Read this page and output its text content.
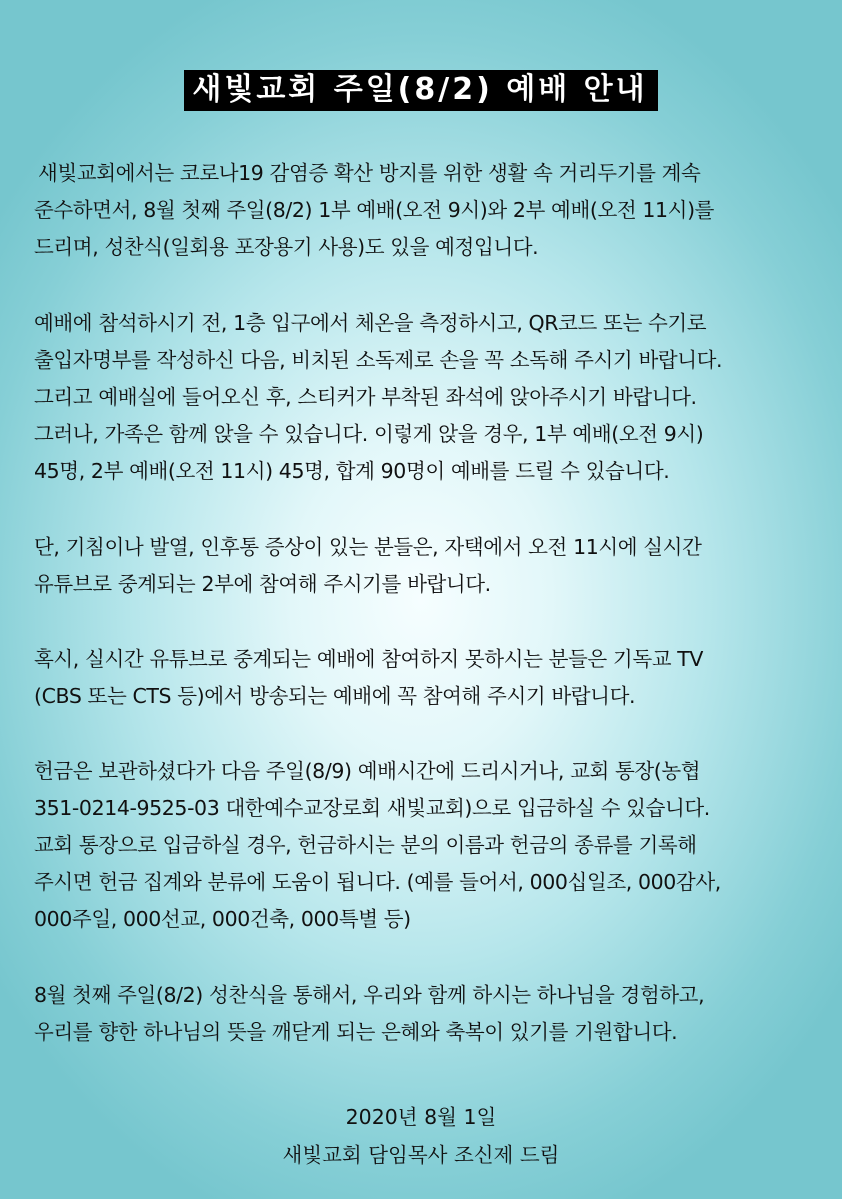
새빛교회 주일(8/2) 예배 안내
새빛교회에서는 코로나19 감염증 확산 방지를 위한 생활 속 거리두기를 계속
준수하면서, 8월 첫째 주일(8/2) 1부 예배(오전 9시)와 2부 예배(오전 11시)를
드리며, 성찬식(일회용 포장용기 사용)도 있을 예정입니다.
예배에 참석하시기 전, 1층 입구에서 체온을 측정하시고, QR코드 또는 수기로
출입자명부를 작성하신 다음, 비치된 소독제로 손을 꼭 소독해 주시기 바랍니다.
그리고 예배실에 들어오신 후, 스티커가 부착된 좌석에 앉아주시기 바랍니다.
그러나, 가족은 함께 앉을 수 있습니다. 이렇게 앉을 경우, 1부 예배(오전 9시)
45명, 2부 예배(오전 11시) 45명, 합계 90명이 예배를 드릴 수 있습니다.
단, 기침이나 발열, 인후통 증상이 있는 분들은, 자택에서 오전 11시에 실시간
유튜브로 중계되는 2부에 참여해 주시기를 바랍니다.
혹시, 실시간 유튜브로 중계되는 예배에 참여하지 못하시는 분들은 기독교 TV
(CBS 또는 CTS 등)에서 방송되는 예배에 꼭 참여해 주시기 바랍니다.
헌금은 보관하셨다가 다음 주일(8/9) 예배시간에 드리시거나, 교회 통장(농협
351-0214-9525-03 대한예수교장로회 새빛교회)으로 입금하실 수 있습니다.
교회 통장으로 입금하실 경우, 헌금하시는 분의 이름과 헌금의 종류를 기록해
주시면 헌금 집계와 분류에 도움이 됩니다. (예를 들어서, 000십일조, 000감사,
000주일, 000선교, 000건축, 000특별 등)
8월 첫째 주일(8/2) 성찬식을 통해서, 우리와 함께 하시는 하나님을 경험하고,
우리를 향한 하나님의 뜻을 깨닫게 되는 은혜와 축복이 있기를 기원합니다.
2020년 8월 1일
새빛교회 담임목사 조신제 드림
